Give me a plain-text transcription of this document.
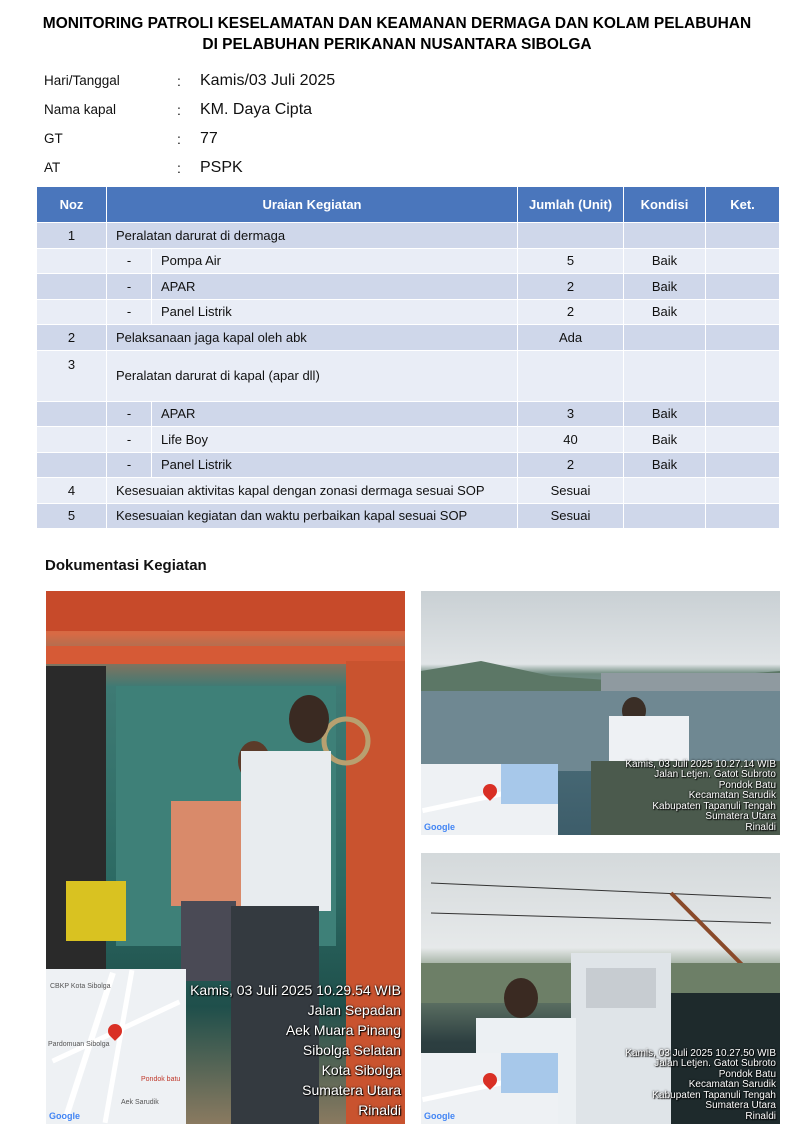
MONITORING PATROLI KESELAMATAN DAN KEAMANAN DERMAGA DAN KOLAM PELABUHAN
DI PELABUHAN PERIKANAN NUSANTARA SIBOLGA
Hari/Tanggal	:	Kamis/03 Juli 2025
Nama kapal	:	KM. Daya Cipta
GT	:	77
AT	:	PSPK
Noz	Uraian Kegiatan		Jumlah (Unit)	Kondisi	Ket.
1	Peralatan darurat di dermaga				
	-	Pompa Air	5	Baik	
	-	APAR	2	Baik	
	-	Panel Listrik	2	Baik	
2	Pelaksanaan jaga kapal oleh abk		Ada		
3	Peralatan darurat di kapal (apar dll)				
	-	APAR	3	Baik	
	-	Life Boy	40	Baik	
	-	Panel Listrik	2	Baik	
4	Kesesuaian aktivitas kapal dengan zonasi dermaga sesuai SOP		Sesuai		
5	Kesesuaian kegiatan dan waktu perbaikan kapal sesuai SOP		Sesuai		
Dokumentasi Kegiatan
CBKP Kota Sibolga
Pardomuan Sibolga
Pondok batu
Aek Sarudik
Google
Kamis, 03 Juli 2025 10.29.54 WIB
Jalan Sepadan
Aek Muara Pinang
Sibolga Selatan
Kota Sibolga
Sumatera Utara
Rinaldi
Google
Kamis, 03 Juli 2025 10.27.14 WIB
Jalan Letjen. Gatot Subroto
Pondok Batu
Kecamatan Sarudik
Kabupaten Tapanuli Tengah
Sumatera Utara
Rinaldi
Google
Kamis, 03 Juli 2025 10.27.50 WIB
Jalan Letjen. Gatot Subroto
Pondok Batu
Kecamatan Sarudik
Kabupaten Tapanuli Tengah
Sumatera Utara
Rinaldi
